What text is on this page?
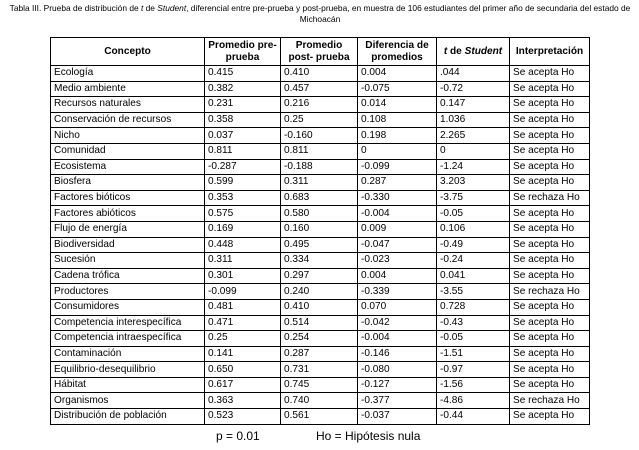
Tabla III. Prueba de distribución de t de Student, diferencial entre pre-prueba y post-prueba, en muestra de 106 estudiantes del primer año de secundaria del estado de Michoacán
Concepto	Promedio pre- prueba	Promedio post- prueba	Diferencia de promedios	t de Student	Interpretación
Ecología	0.415	0.410	0.004	.044	Se acepta Ho
Medio ambiente	0.382	0.457	-0.075	-0.72	Se acepta Ho
Recursos naturales	0.231	0.216	0.014	0.147	Se acepta Ho
Conservación de recursos	0.358	0.25	0.108	1.036	Se acepta Ho
Nicho	0.037	-0.160	0.198	2.265	Se acepta Ho
Comunidad	0.811	0.811	0	0	Se acepta Ho
Ecosistema	-0.287	-0.188	-0.099	-1.24	Se acepta Ho
Biosfera	0.599	0.311	0.287	3.203	Se acepta Ho
Factores bióticos	0.353	0.683	-0.330	-3.75	Se rechaza Ho
Factores abióticos	0.575	0.580	-0.004	-0.05	Se acepta Ho
Flujo de energía	0.169	0.160	0.009	0.106	Se acepta Ho
Biodiversidad	0.448	0.495	-0.047	-0.49	Se acepta Ho
Sucesión	0.311	0.334	-0.023	-0.24	Se acepta Ho
Cadena trófica	0.301	0.297	0.004	0.041	Se acepta Ho
Productores	-0.099	0.240	-0.339	-3.55	Se rechaza Ho
Consumidores	0.481	0.410	0.070	0.728	Se acepta Ho
Competencia interespecífica	0.471	0.514	-0.042	-0.43	Se acepta Ho
Competencia intraespecífica	0.25	0.254	-0.004	-0.05	Se acepta Ho
Contaminación	0.141	0.287	-0.146	-1.51	Se acepta Ho
Equilibrio-desequilibrio	0.650	0.731	-0.080	-0.97	Se acepta Ho
Hábitat	0.617	0.745	-0.127	-1.56	Se acepta Ho
Organismos	0.363	0.740	-0.377	-4.86	Se rechaza Ho
Distribución de población	0.523	0.561	-0.037	-0.44	Se acepta Ho
p = 0.01	Ho = Hipótesis nula
